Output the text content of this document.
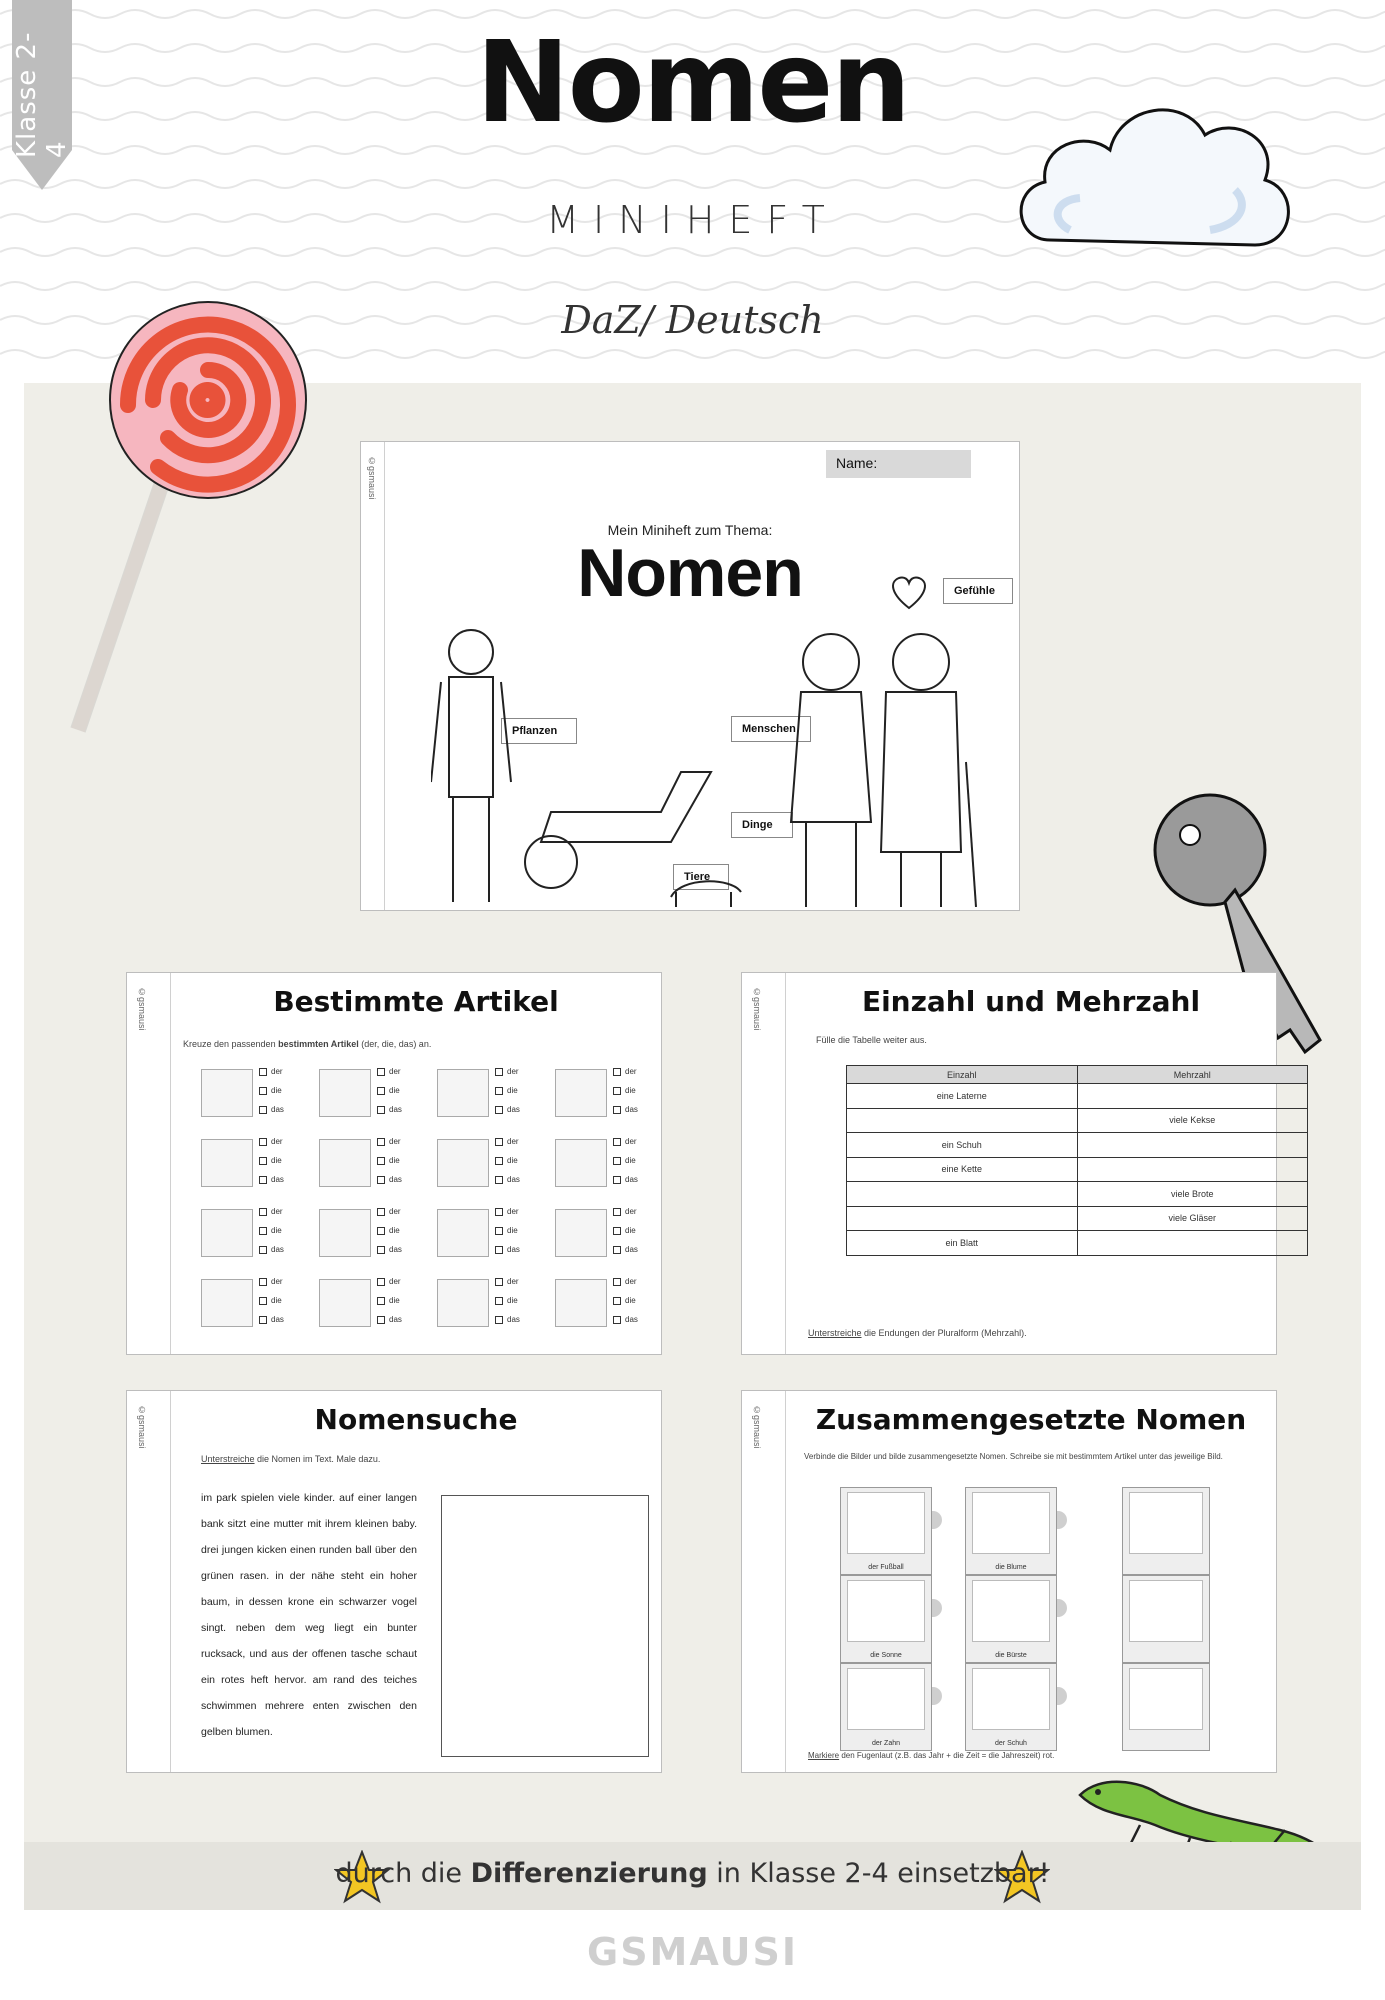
Klasse 2-4
Nomen
MINIHEFT
DaZ/ Deutsch
©gsmausi	Name:
Mein Miniheft zum Thema:
Nomen	Gefühle
Pflanzen	Menschen
Dinge
Tiere
©gsmausi	Bestimmte Artikel
Kreuze den passenden bestimmten Artikel (der, die, das) an.
der
die
das
der
die
das
der
die
das
der
die
das
der
die
das
der
die
das
der
die
das
der
die
das
der
die
das
der
die
das
der
die
das
der
die
das
der
die
das
der
die
das
der
die
das
der
die
das
©gsmausi	Einzahl und Mehrzahl
Fülle die Tabelle weiter aus.
Einzahl	Mehrzahl
eine Laterne	
	viele Kekse
ein Schuh	
eine Kette	
	viele Brote
	viele Gläser
ein Blatt	
Unterstreiche die Endungen der Pluralform (Mehrzahl).
©gsmausi	Nomensuche
Unterstreiche die Nomen im Text. Male dazu.
im park spielen viele kinder. auf einer langen bank sitzt eine mutter mit ihrem kleinen baby. drei jungen kicken einen runden ball über den grünen rasen. in der nähe steht ein hoher baum, in dessen krone ein schwarzer vogel singt. neben dem weg liegt ein bunter rucksack, und aus der offenen tasche schaut ein rotes heft hervor. am rand des teiches schwimmen mehrere enten zwischen den gelben blumen.
©gsmausi	Zusammengesetzte Nomen
Verbinde die Bilder und bilde zusammengesetzte Nomen. Schreibe sie mit bestimmtem Artikel unter das jeweilige Bild.
der Fußball	die Blume
die Sonne	die Bürste
der Zahn	der Schuh
Markiere den Fugenlaut (z.B. das Jahr + die Zeit = die Jahreszeit) rot.
durch die Differenzierung in Klasse 2-4 einsetzbar!
GSMAUSI
